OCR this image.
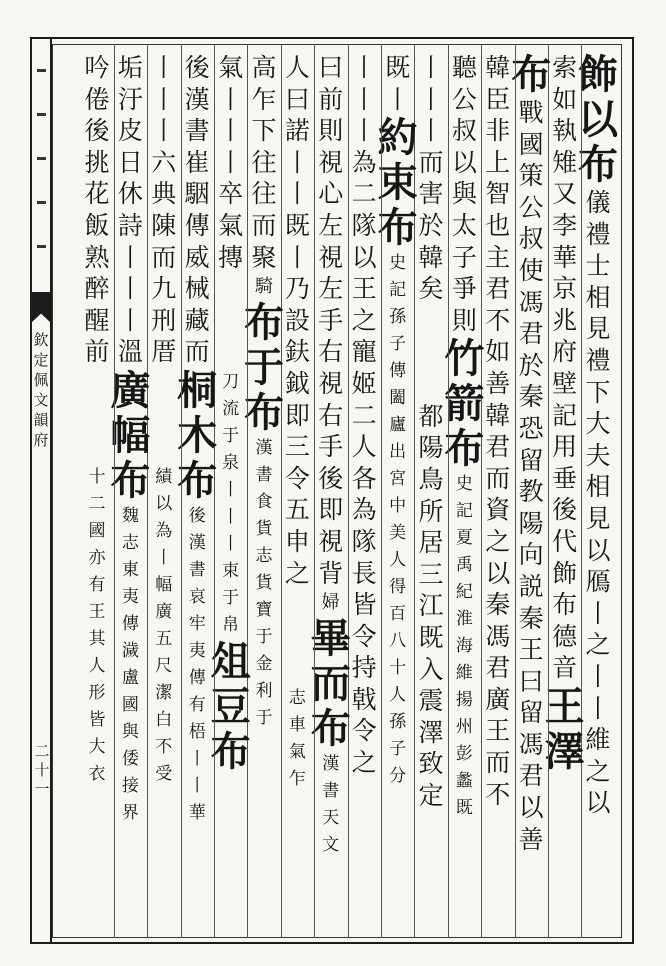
欽
定
佩
文
韻
府
二
十
一
飾
以
布
儀
禮
士
相
見
禮
下
大
夫
相
見
以
鴈
丨
之
丨
丨
維
之
以
索
如
執
雉
又
李
華
京
兆
府
壁
記
用
垂
後
代
飾
布
德
音
王
澤
布
戰
國
策
公
叔
使
馮
君
於
秦
恐
留
教
陽
向
説
秦
王
曰
留
馮
君
以
善
韓
臣
非
上
智
也
主
君
不
如
善
韓
君
而
資
之
以
秦
馮
君
廣
王
而
不
聽
公
叔
以
與
太
子
爭
則
竹
箭
布
史
記
夏
禹
紀
淮
海
維
揚
州
彭
蠡
既
丨
丨
丨
而
害
於
韓
矣
都
陽
鳥
所
居
三
江
既
入
震
澤
致
定
既
丨
約
束
布
史
記
孫
子
傳
闔
廬
出
宮
中
美
人
得
百
八
十
人
孫
子
分
丨
丨
丨
為
二
隊
以
王
之
寵
姬
二
人
各
為
隊
長
皆
令
持
戟
令
之
曰
前
則
視
心
左
視
左
手
右
視
右
手
後
即
視
背
婦
畢
而
布
漢
書
天
文
人
曰
諾
丨
丨
既
丨
乃
設
鈇
鉞
即
三
令
五
申
之
志
車
氣
乍
高
乍
下
往
往
而
聚
騎
布
于
布
漢
書
食
貨
志
貨
寶
于
金
利
于
氣
丨
丨
丨
卒
氣
摶
刀
流
于
泉
丨
丨
丨
束
于
帛
俎
豆
布
後
漢
書
崔
駰
傳
威
械
藏
而
桐
木
布
後
漢
書
哀
牢
夷
傳
有
梧
丨
丨
華
丨
丨
丨
六
典
陳
而
九
刑
厝
績
以
為
丨
幅
廣
五
尺
潔
白
不
受
垢
汙
皮
日
休
詩
丨
丨
丨
溫
廣
幅
布
魏
志
東
夷
傳
濊
盧
國
與
倭
接
界
吟
倦
後
挑
花
飯
熟
醉
醒
前
十
二
國
亦
有
王
其
人
形
皆
大
衣
